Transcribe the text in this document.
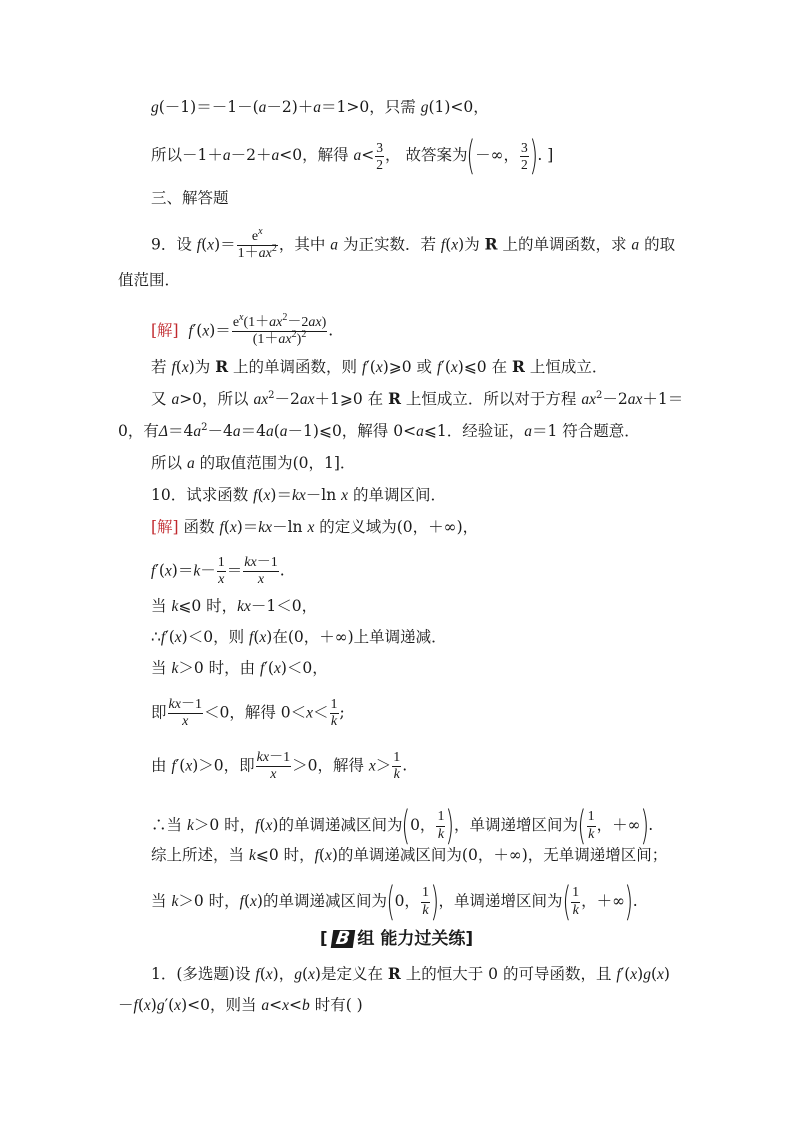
g(－1)＝－1－(a－2)＋a＝1>0，只需 g(1)<0，
所以－1＋a－2＋a<0，解得 $a< \frac{3}{2}$ ， 故答案为(－∞， $\frac{3}{2}$ ). ]
三、解答题
9．设 $f(x)= \frac{e^x}{1+ax^2}$ ，其中 a 为正实数．若 f(x)为 R 上的单调函数，求 a 的取
值范围．
[解] $f'(x)= \frac{e^x(1+ax^2-2ax)}{(1+ax^2)^2}$ .
若 f(x)为 R 上的单调函数，则 f′(x)⩾0 或 f′(x)⩽0 在 R 上恒成立．
又 a>0，所以 $ax^2-2ax+1⩾0$ 在 R 上恒成立．所以对于方程 $ax^2-2ax+1=$
0，有$\Delta=4a^2-4a=4a(a-1)⩽0$，解得 0<a⩽1．经验证，a＝1 符合题意．
所以 a 的取值范围为(0，1]．
10．试求函数 f(x)＝kx－ln x 的单调区间．
[解] 函数 f(x)＝kx－ln x 的定义域为(0，＋∞)，
$f'(x)=k- \frac{1}{x} = \frac{kx-1}{x}$ .
当 k⩽0 时，kx－1＜0，
∴f′(x)＜0，则 f(x)在(0，＋∞)上单调递减．
当 k＞0 时，由 f′(x)＜0，
即 $\frac{kx-1}{x} <0$，解得 $0<x< \frac{1}{k}$ ;
由 f′(x)＞0，即 $\frac{kx-1}{x} >0$，解得 $x> \frac{1}{k}$ .
∴当 k＞0 时，f(x)的单调递减区间为(0， $\frac{1}{k}$ )，单调递增区间为( $\frac{1}{k}$ ，＋∞).
综上所述，当 k⩽0 时，f(x)的单调递减区间为(0，＋∞)，无单调递增区间；
当 k＞0 时，f(x)的单调递减区间为(0， $\frac{1}{k}$ )，单调递增区间为( $\frac{1}{k}$ ，＋∞).
[ B 组 能力过关练]
1．(多选题)设 f(x)，g(x)是定义在 R 上的恒大于 0 的可导函数，且 f′(x)g(x)
－f(x)g′(x)<0，则当 a<x<b 时有( )
